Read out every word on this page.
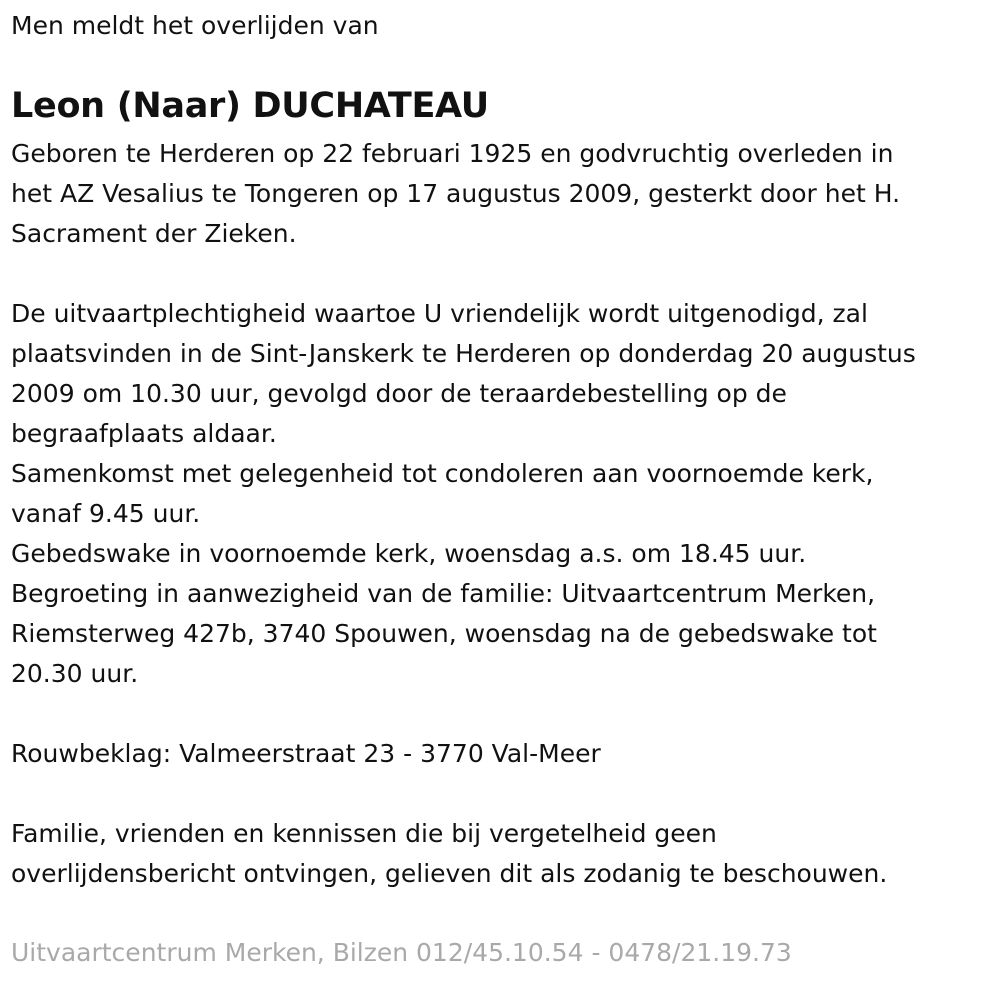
Men meldt het overlijden van
Leon (Naar) DUCHATEAU
Geboren te Herderen op 22 februari 1925 en godvruchtig overleden in
het AZ Vesalius te Tongeren op 17 augustus 2009, gesterkt door het H.
Sacrament der Zieken.
De uitvaartplechtigheid waartoe U vriendelijk wordt uitgenodigd, zal
plaatsvinden in de Sint-Janskerk te Herderen op donderdag 20 augustus
2009 om 10.30 uur, gevolgd door de teraardebestelling op de
begraafplaats aldaar.
Samenkomst met gelegenheid tot condoleren aan voornoemde kerk,
vanaf 9.45 uur.
Gebedswake in voornoemde kerk, woensdag a.s. om 18.45 uur.
Begroeting in aanwezigheid van de familie: Uitvaartcentrum Merken,
Riemsterweg 427b, 3740 Spouwen, woensdag na de gebedswake tot
20.30 uur.
Rouwbeklag: Valmeerstraat 23 - 3770 Val-Meer
Familie, vrienden en kennissen die bij vergetelheid geen
overlijdensbericht ontvingen, gelieven dit als zodanig te beschouwen.
Uitvaartcentrum Merken, Bilzen 012/45.10.54 - 0478/21.19.73
